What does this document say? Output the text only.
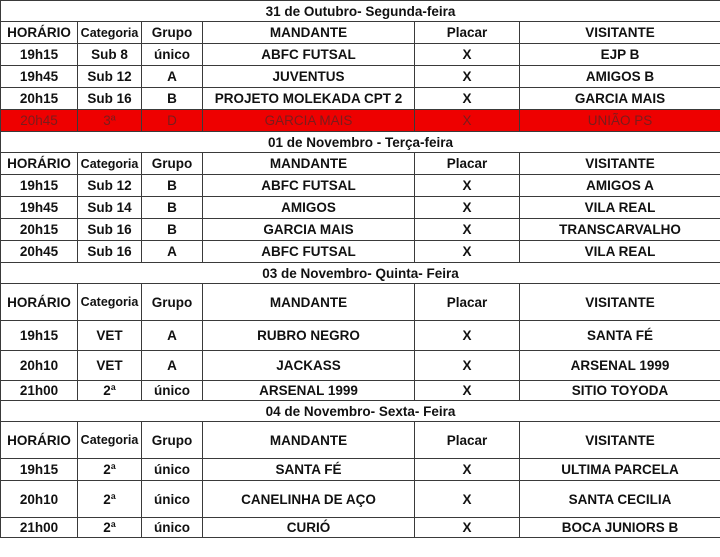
31 de Outubro- Segunda-feira					
HORÁRIO	Categoria	Grupo	MANDANTE	Placar	VISITANTE
19h15	Sub 8	único	ABFC FUTSAL	X	EJP B
19h45	Sub 12	A	JUVENTUS	X	AMIGOS B
20h15	Sub 16	B	PROJETO MOLEKADA CPT 2	X	GARCIA MAIS
20h45	3ª	D	GARCIA MAIS	X	UNIÃO PS
01 de Novembro - Terça-feira					
HORÁRIO	Categoria	Grupo	MANDANTE	Placar	VISITANTE
19h15	Sub 12	B	ABFC FUTSAL	X	AMIGOS A
19h45	Sub 14	B	AMIGOS	X	VILA REAL
20h15	Sub 16	B	GARCIA MAIS	X	TRANSCARVALHO
20h45	Sub 16	A	ABFC FUTSAL	X	VILA REAL
03 de Novembro- Quinta- Feira					
HORÁRIO	Categoria	Grupo	MANDANTE	Placar	VISITANTE
19h15	VET	A	RUBRO NEGRO	X	SANTA FÉ
20h10	VET	A	JACKASS	X	ARSENAL 1999
21h00	2ª	único	ARSENAL 1999	X	SITIO TOYODA
04 de Novembro- Sexta- Feira					
HORÁRIO	Categoria	Grupo	MANDANTE	Placar	VISITANTE
19h15	2ª	único	SANTA FÉ	X	ULTIMA PARCELA
20h10	2ª	único	CANELINHA DE AÇO	X	SANTA CECILIA
21h00	2ª	único	CURIÓ	X	BOCA JUNIORS B
